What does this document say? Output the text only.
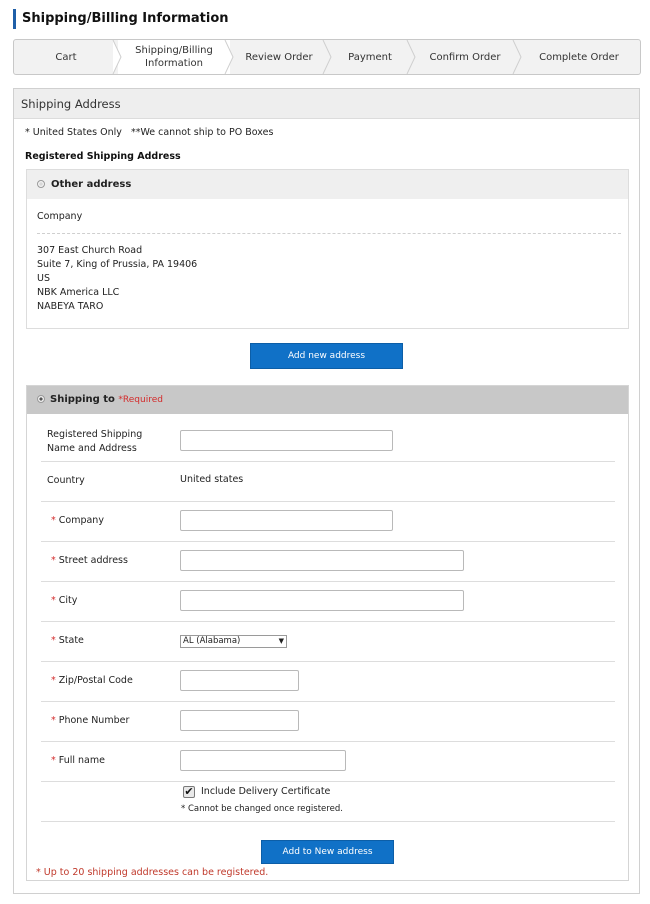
Shipping/Billing Information
Cart
Shipping/Billing
Information
Review Order	Payment	Confirm Order	Complete Order
Shipping Address
* United States Only   **We cannot ship to PO Boxes
Registered Shipping Address
Other address
Company
307 East Church Road
Suite 7, King of Prussia, PA 19406
US
NBK America LLC
NABEYA TARO
Add new address
Shipping to *Required
Registered Shipping
Name and Address
Country	United states
* Company
* Street address
* City
* State	AL (Alabama)	▼
* Zip/Postal Code
* Phone Number
* Full name
✔ Include Delivery Certificate
* Cannot be changed once registered.
Add to New address
* Up to 20 shipping addresses can be registered.
